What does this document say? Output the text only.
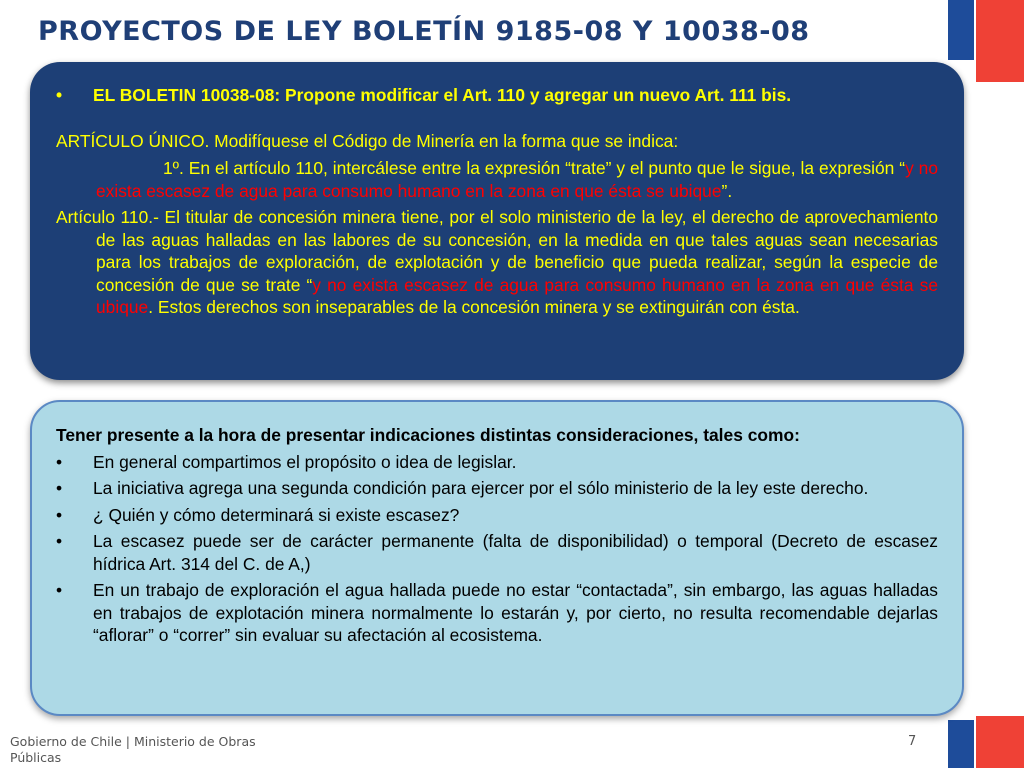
PROYECTOS DE LEY BOLETÍN 9185-08 Y 10038-08
•	EL BOLETIN 10038-08: Propone modificar el Art. 110 y agregar un nuevo Art. 111 bis.
ARTÍCULO ÚNICO. Modifíquese el Código de Minería en la forma que se indica:
1º. En el artículo 110, intercálese entre la expresión “trate” y el punto que le sigue, la expresión “y no exista escasez de agua para consumo humano en la zona en que ésta se ubique”.
Artículo 110.- El titular de concesión minera tiene, por el solo ministerio de la ley, el derecho de aprovechamiento de las aguas halladas en las labores de su concesión, en la medida en que tales aguas sean necesarias para los trabajos de exploración, de explotación y de beneficio que pueda realizar, según la especie de concesión de que se trate “y no exista escasez de agua para consumo humano en la zona en que ésta se ubique. Estos derechos son inseparables de la concesión minera y se extinguirán con ésta.
Tener presente a la hora de presentar indicaciones distintas consideraciones, tales como:
•	En general compartimos el propósito o idea de legislar.
•	La iniciativa agrega una segunda condición para ejercer por el sólo ministerio de la ley este derecho.
•	¿ Quién y cómo determinará si existe escasez?
•	La escasez puede ser de carácter permanente (falta de disponibilidad) o temporal (Decreto de escasez hídrica Art. 314 del C. de A,)
•	En un trabajo de exploración el agua hallada puede no estar “contactada”, sin embargo, las aguas halladas en trabajos de explotación minera normalmente lo estarán y, por cierto, no resulta recomendable dejarlas “aflorar” o “correr” sin evaluar su afectación al ecosistema.
Gobierno de Chile | Ministerio de Obras Públicas
7
